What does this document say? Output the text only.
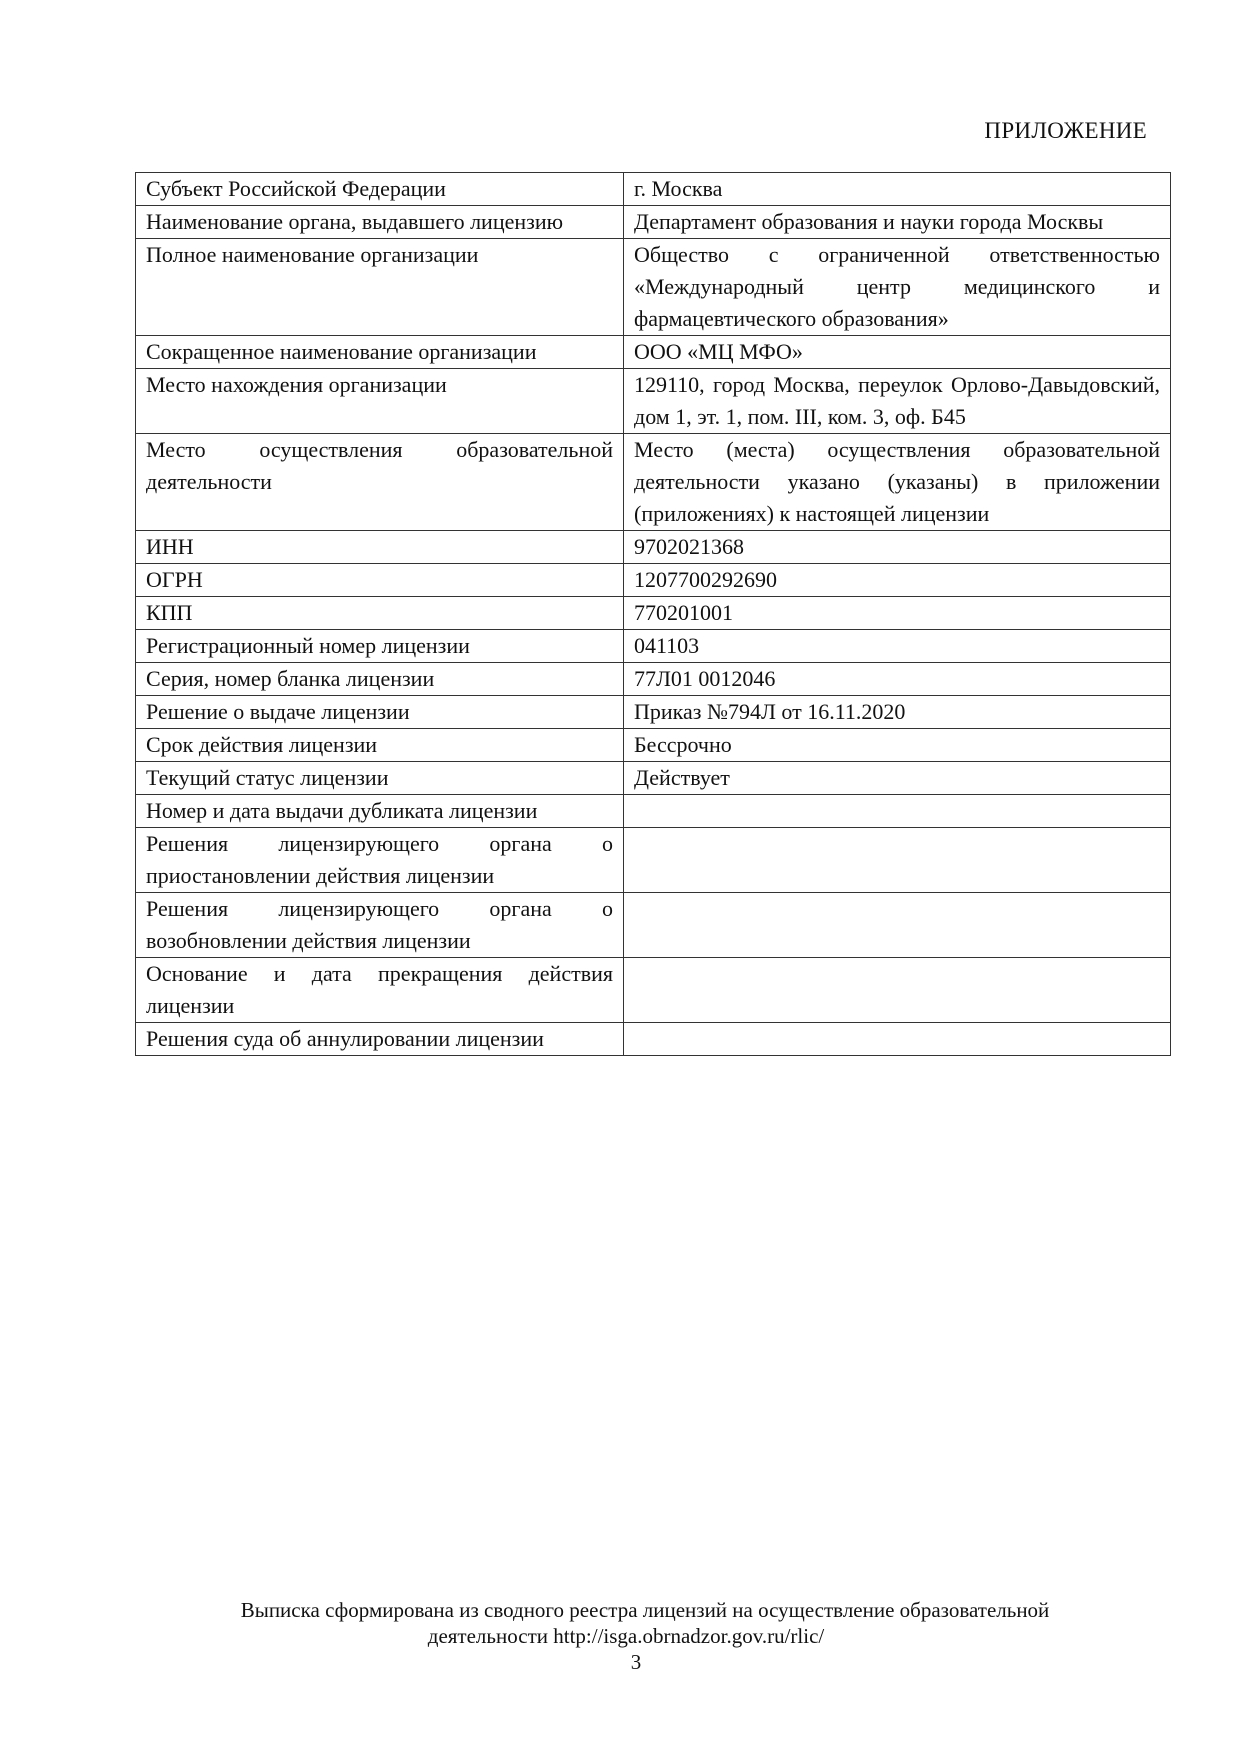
ПРИЛОЖЕНИЕ
Субъект Российской Федерации	г. Москва
Наименование органа, выдавшего лицензию	Департамент образования и науки города Москвы
Полное наименование организации	Общество с ограниченной ответственностью «Международный центр медицинского и фармацевтического образования»
Сокращенное наименование организации	ООО «МЦ МФО»
Место нахождения организации	129110, город Москва, переулок Орлово-Давыдовский, дом 1, эт. 1, пом. III, ком. 3, оф. Б45
Место осуществления образовательной деятельности	Место (места) осуществления образовательной деятельности указано (указаны) в приложении (приложениях) к настоящей лицензии
ИНН	9702021368
ОГРН	1207700292690
КПП	770201001
Регистрационный номер лицензии	041103
Серия, номер бланка лицензии	77Л01 0012046
Решение о выдаче лицензии	Приказ №794Л от 16.11.2020
Срок действия лицензии	Бессрочно
Текущий статус лицензии	Действует
Номер и дата выдачи дубликата лицензии	
Решения лицензирующего органа о приостановлении действия лицензии	
Решения лицензирующего органа о возобновлении действия лицензии	
Основание и дата прекращения действия лицензии	
Решения суда об аннулировании лицензии	
Выписка сформирована из сводного реестра лицензий на осуществление образовательной
деятельности http://isga.obrnadzor.gov.ru/rlic/
3
